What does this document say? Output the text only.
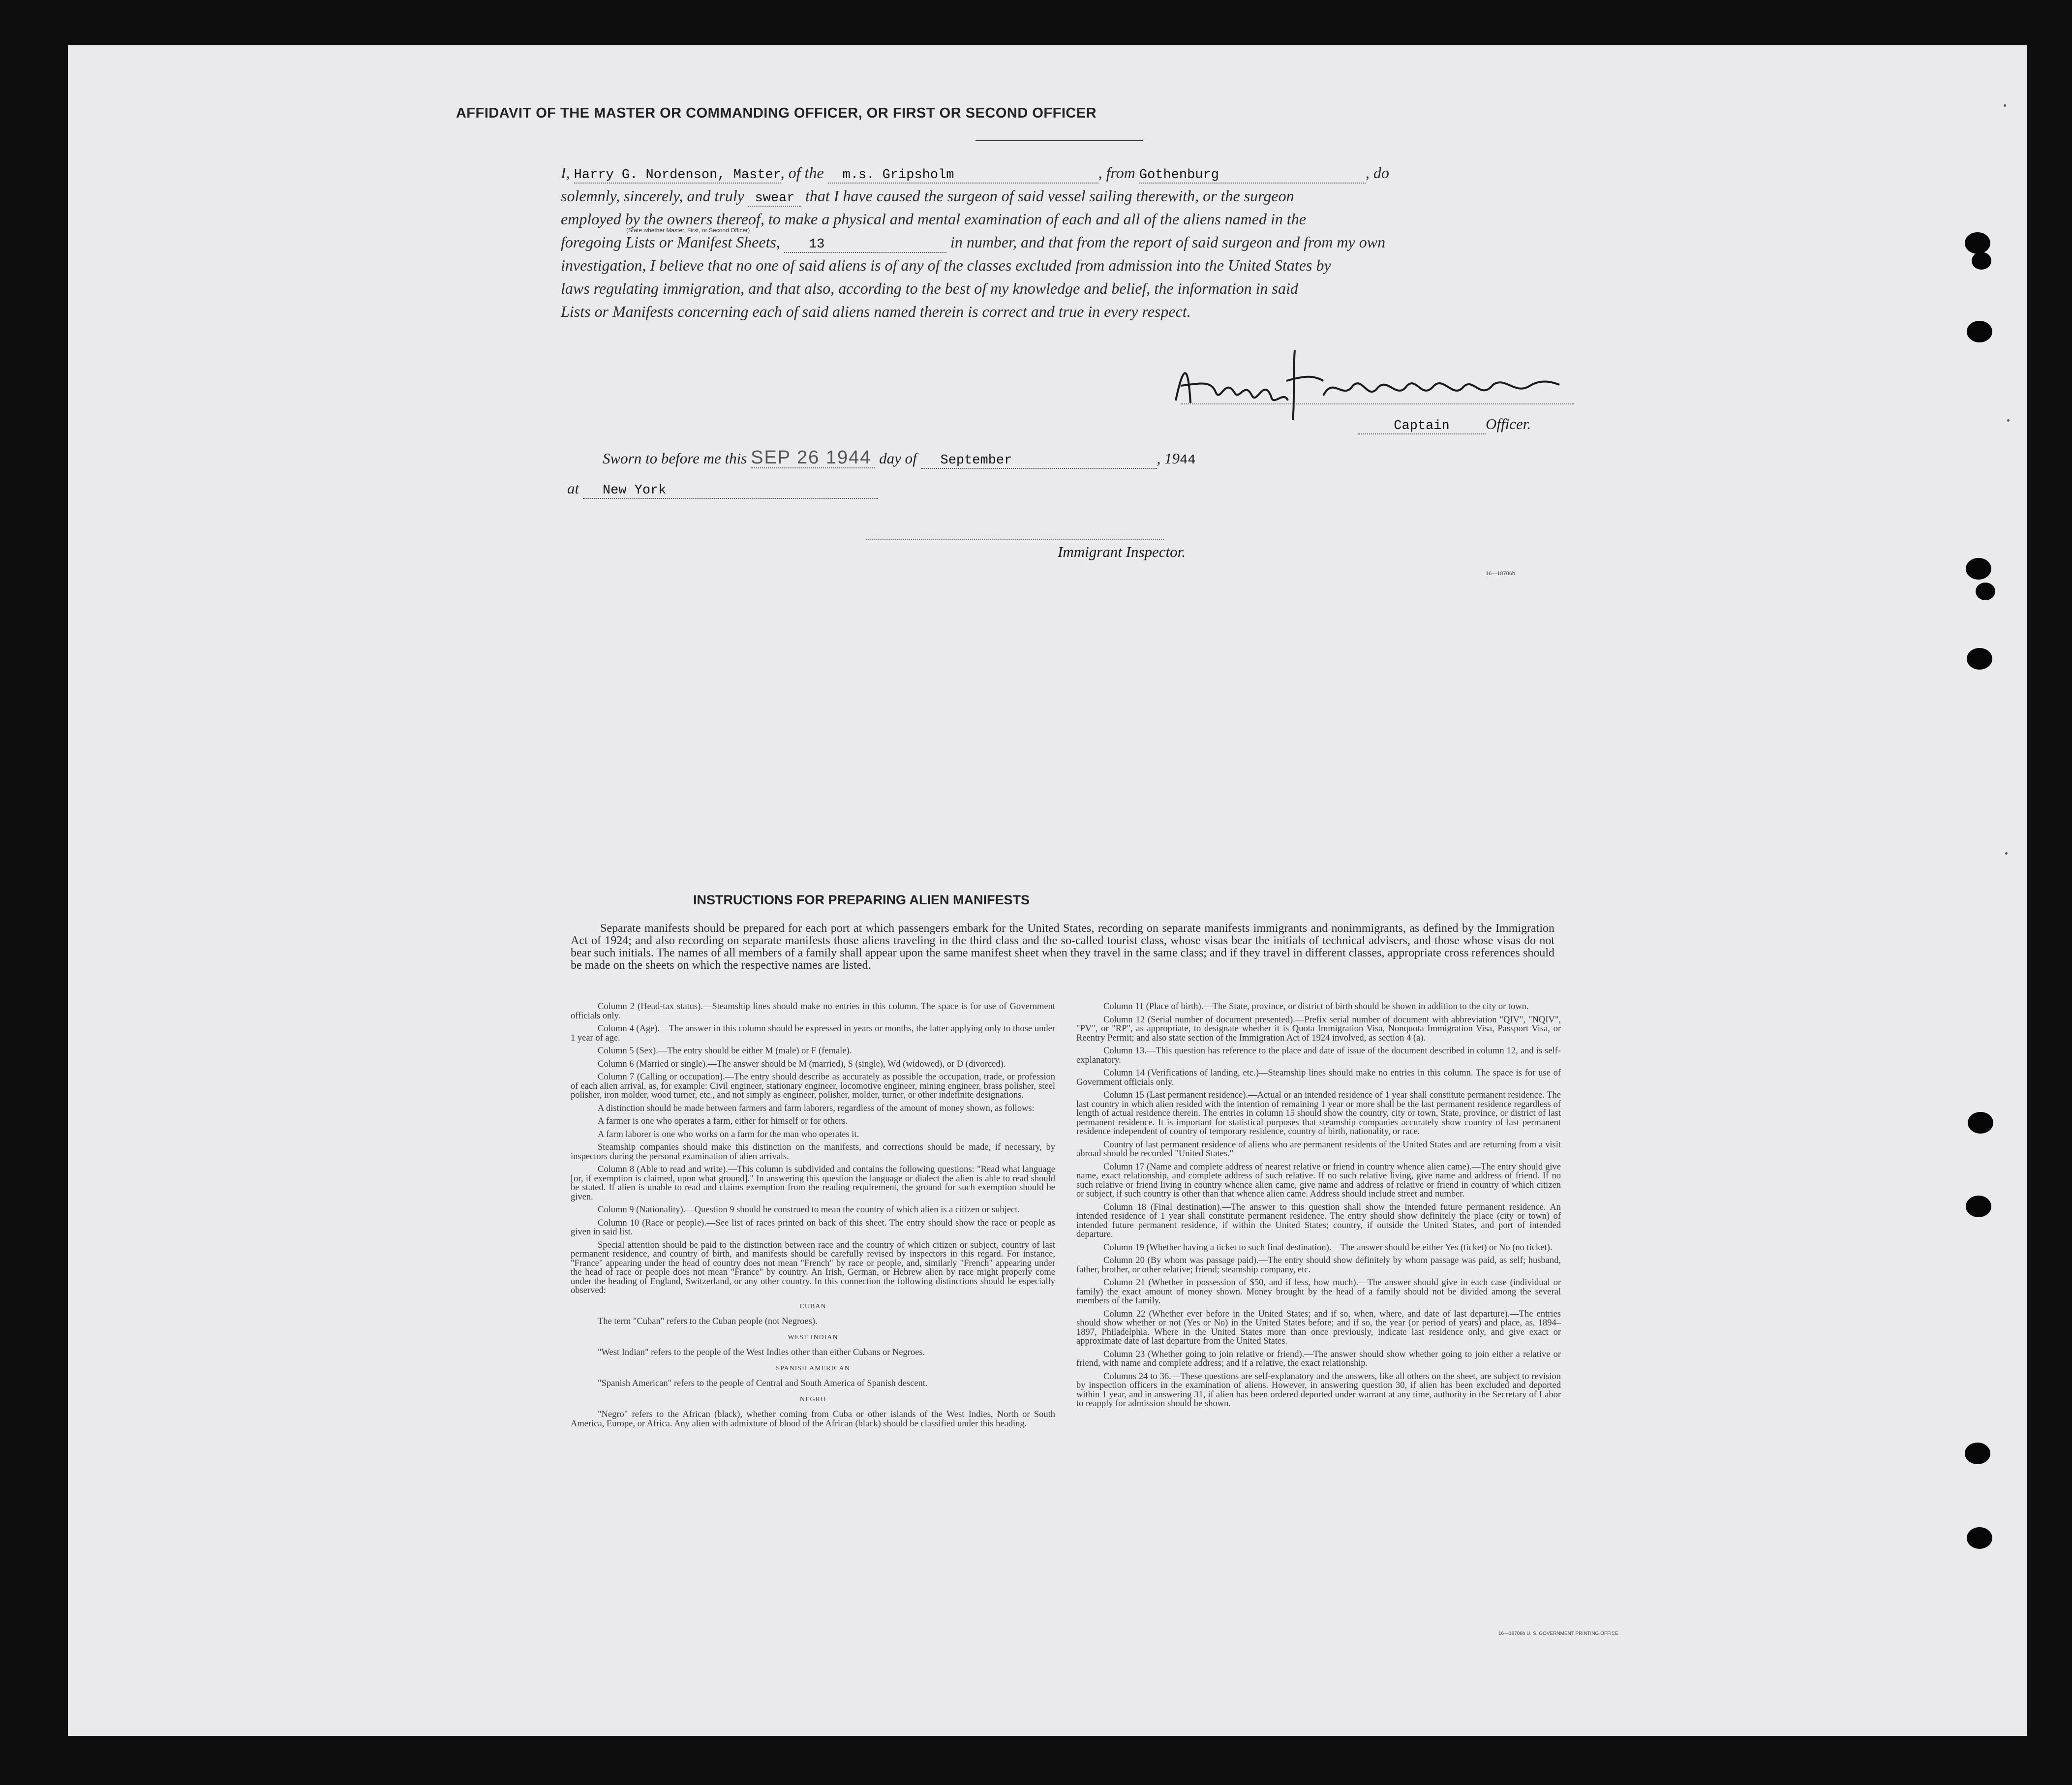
AFFIDAVIT OF THE MASTER OR COMMANDING OFFICER, OR FIRST OR SECOND OFFICER
I, Harry G. Nordenson, Master, of the m.s. Gripsholm	, from Gothenburg	, do
solemnly, sincerely, and truly swear that I have caused the surgeon of said vessel sailing therewith, or the surgeon
employed by the owners thereof, to make a physical and mental examination of each and all of the aliens named in the
foregoing Lists or Manifest Sheets, 13	in number, and that from the report of said surgeon and from my own
investigation, I believe that no one of said aliens is of any of the classes excluded from admission into the United States by
laws regulating immigration, and that also, according to the best of my knowledge and belief, the information in said
Lists or Manifests concerning each of said aliens named therein is correct and true in every respect.
(State whether Master, First, or Second Officer)
Captain Officer.
Sworn to before me this SEP 26 1944 day of September	, 1944
at New York
Immigrant Inspector.
16—18706b
INSTRUCTIONS FOR PREPARING ALIEN MANIFESTS

Separate manifests should be prepared for each port at which passengers embark for the United States, recording on separate manifests immigrants and nonimmigrants, as defined by the Immigration Act of 1924; and also recording on separate manifests those aliens traveling in the third class and the so-called tourist class, whose visas bear the initials of technical advisers, and those whose visas do not bear such initials. The names of all members of a family shall appear upon the same manifest sheet when they travel in the same class; and if they travel in different classes, appropriate cross references should be made on the sheets on which the respective names are listed.

Column 2 (Head-tax status).—Steamship lines should make no entries in this column. The space is for use of Government officials only.

Column 4 (Age).—The answer in this column should be expressed in years or months, the latter applying only to those under 1 year of age.

Column 5 (Sex).—The entry should be either M (male) or F (female).

Column 6 (Married or single).—The answer should be M (married), S (single), Wd (widowed), or D (divorced).

Column 7 (Calling or occupation).—The entry should describe as accurately as possible the occupation, trade, or profession of each alien arrival, as, for example: Civil engineer, stationary engineer, locomotive engineer, mining engineer, brass polisher, steel polisher, iron molder, wood turner, etc., and not simply as engineer, polisher, molder, turner, or other indefinite designations.

A distinction should be made between farmers and farm laborers, regardless of the amount of money shown, as follows:

A farmer is one who operates a farm, either for himself or for others.

A farm laborer is one who works on a farm for the man who operates it.

Steamship companies should make this distinction on the manifests, and corrections should be made, if necessary, by inspectors during the personal examination of alien arrivals.

Column 8 (Able to read and write).—This column is subdivided and contains the following questions: "Read what language [or, if exemption is claimed, upon what ground]." In answering this question the language or dialect the alien is able to read should be stated. If alien is unable to read and claims exemption from the reading requirement, the ground for such exemption should be given.

Column 9 (Nationality).—Question 9 should be construed to mean the country of which alien is a citizen or subject.

Column 10 (Race or people).—See list of races printed on back of this sheet. The entry should show the race or people as given in said list.

Special attention should be paid to the distinction between race and the country of which citizen or subject, country of last permanent residence, and country of birth, and manifests should be carefully revised by inspectors in this regard. For instance, "France" appearing under the head of country does not mean "French" by race or people, and, similarly "French" appearing under the head of race or people does not mean "France" by country. An Irish, German, or Hebrew alien by race might properly come under the heading of England, Switzerland, or any other country. In this connection the following distinctions should be especially observed:

CUBAN

The term "Cuban" refers to the Cuban people (not Negroes).

WEST INDIAN

"West Indian" refers to the people of the West Indies other than either Cubans or Negroes.

SPANISH AMERICAN

"Spanish American" refers to the people of Central and South America of Spanish descent.

NEGRO

"Negro" refers to the African (black), whether coming from Cuba or other islands of the West Indies, North or South America, Europe, or Africa. Any alien with admixture of blood of the African (black) should be classified under this heading.

Column 11 (Place of birth).—The State, province, or district of birth should be shown in addition to the city or town.

Column 12 (Serial number of document presented).—Prefix serial number of document with abbreviation "QIV", "NQIV", "PV", or "RP", as appropriate, to designate whether it is Quota Immigration Visa, Nonquota Immigration Visa, Passport Visa, or Reentry Permit; and also state section of the Immigration Act of 1924 involved, as section 4 (a).

Column 13.—This question has reference to the place and date of issue of the document described in column 12, and is self-explanatory.

Column 14 (Verifications of landing, etc.)—Steamship lines should make no entries in this column. The space is for use of Government officials only.

Column 15 (Last permanent residence).—Actual or an intended residence of 1 year shall constitute permanent residence. The last country in which alien resided with the intention of remaining 1 year or more shall be the last permanent residence regardless of length of actual residence therein. The entries in column 15 should show the country, city or town, State, province, or district of last permanent residence. It is important for statistical purposes that steamship companies accurately show country of last permanent residence independent of country of temporary residence, country of birth, nationality, or race.

Country of last permanent residence of aliens who are permanent residents of the United States and are returning from a visit abroad should be recorded "United States."

Column 17 (Name and complete address of nearest relative or friend in country whence alien came).—The entry should give name, exact relationship, and complete address of such relative. If no such relative living, give name and address of friend. If no such relative or friend living in country whence alien came, give name and address of relative or friend in country of which citizen or subject, if such country is other than that whence alien came. Address should include street and number.

Column 18 (Final destination).—The answer to this question shall show the intended future permanent residence. An intended residence of 1 year shall constitute permanent residence. The entry should show definitely the place (city or town) of intended future permanent residence, if within the United States; country, if outside the United States, and port of intended departure.

Column 19 (Whether having a ticket to such final destination).—The answer should be either Yes (ticket) or No (no ticket).

Column 20 (By whom was passage paid).—The entry should show definitely by whom passage was paid, as self; husband, father, brother, or other relative; friend; steamship company, etc.

Column 21 (Whether in possession of $50, and if less, how much).—The answer should give in each case (individual or family) the exact amount of money shown. Money brought by the head of a family should not be divided among the several members of the family.

Column 22 (Whether ever before in the United States; and if so, when, where, and date of last departure).—The entries should show whether or not (Yes or No) in the United States before; and if so, the year (or period of years) and place, as, 1894–1897, Philadelphia. Where in the United States more than once previously, indicate last residence only, and give exact or approximate date of last departure from the United States.

Column 23 (Whether going to join relative or friend).—The answer should show whether going to join either a relative or friend, with name and complete address; and if a relative, the exact relationship.

Columns 24 to 36.—These questions are self-explanatory and the answers, like all others on the sheet, are subject to revision by inspection officers in the examination of aliens. However, in answering question 30, if alien has been excluded and deported within 1 year, and in answering 31, if alien has been ordered deported under warrant at any time, authority in the Secretary of Labor to reapply for admission should be shown.

16—18706b U. S. GOVERNMENT PRINTING OFFICE
